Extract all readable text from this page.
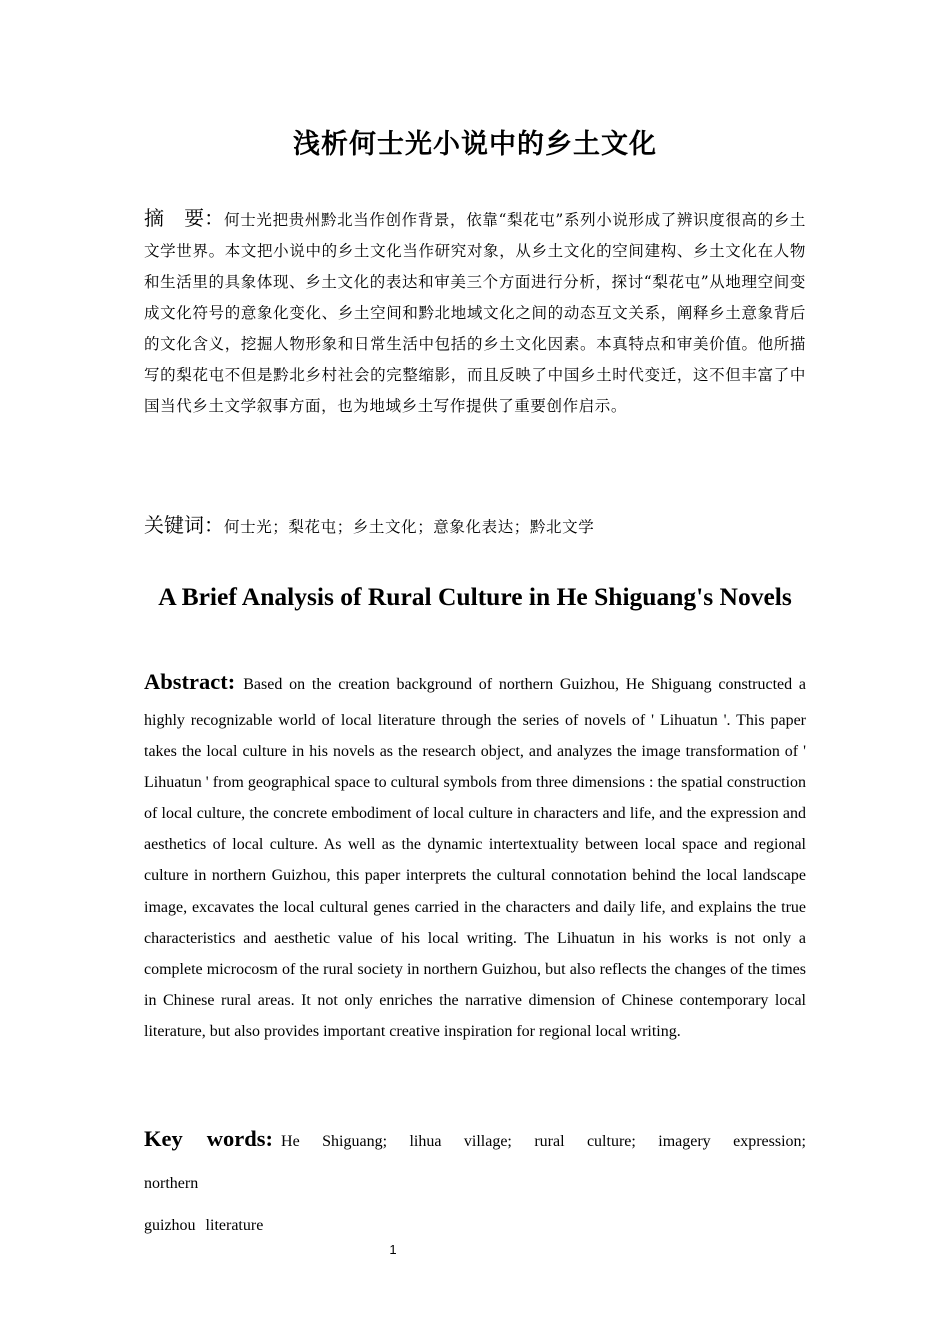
浅析何士光小说中的乡土文化
摘 要：何士光把贵州黔北当作创作背景，依靠“梨花屯”系列小说形成了辨识度很高的乡土文学世界。本文把小说中的乡土文化当作研究对象，从乡土文化的空间建构、乡土文化在人物和生活里的具象体现、乡土文化的表达和审美三个方面进行分析，探讨“梨花屯”从地理空间变成文化符号的意象化变化、乡土空间和黔北地域文化之间的动态互文关系，阐释乡土意象背后的文化含义，挖掘人物形象和日常生活中包括的乡土文化因素。本真特点和审美价值。他所描写的梨花屯不但是黔北乡村社会的完整缩影，而且反映了中国乡土时代变迁，这不但丰富了中国当代乡土文学叙事方面，也为地域乡土写作提供了重要创作启示。
关键词：何士光；梨花屯；乡土文化；意象化表达；黔北文学
A Brief Analysis of Rural Culture in He Shiguang's Novels
Abstract: Based on the creation background of northern Guizhou, He Shiguang constructed a
highly recognizable world of local literature through the series of novels of ' Lihuatun '. This paper takes the local culture in his novels as the research object, and analyzes the image transformation of ' Lihuatun ' from geographical space to cultural symbols from three dimensions : the spatial construction of local culture, the concrete embodiment of local culture in characters and life, and the expression and aesthetics of local culture. As well as the dynamic intertextuality between local space and regional culture in northern Guizhou, this paper interprets the cultural connotation behind the local landscape image, excavates the local cultural genes carried in the characters and daily life, and explains the true characteristics and aesthetic value of his local writing. The Lihuatun in his works is not only a complete microcosm of the rural society in northern Guizhou, but also reflects the changes of the times in Chinese rural areas. It not only enriches the narrative dimension of Chinese contemporary local literature, but also provides important creative inspiration for regional local writing.
Key words: He Shiguang; lihua village; rural culture; imagery expression; northern
guizhou literature
1
